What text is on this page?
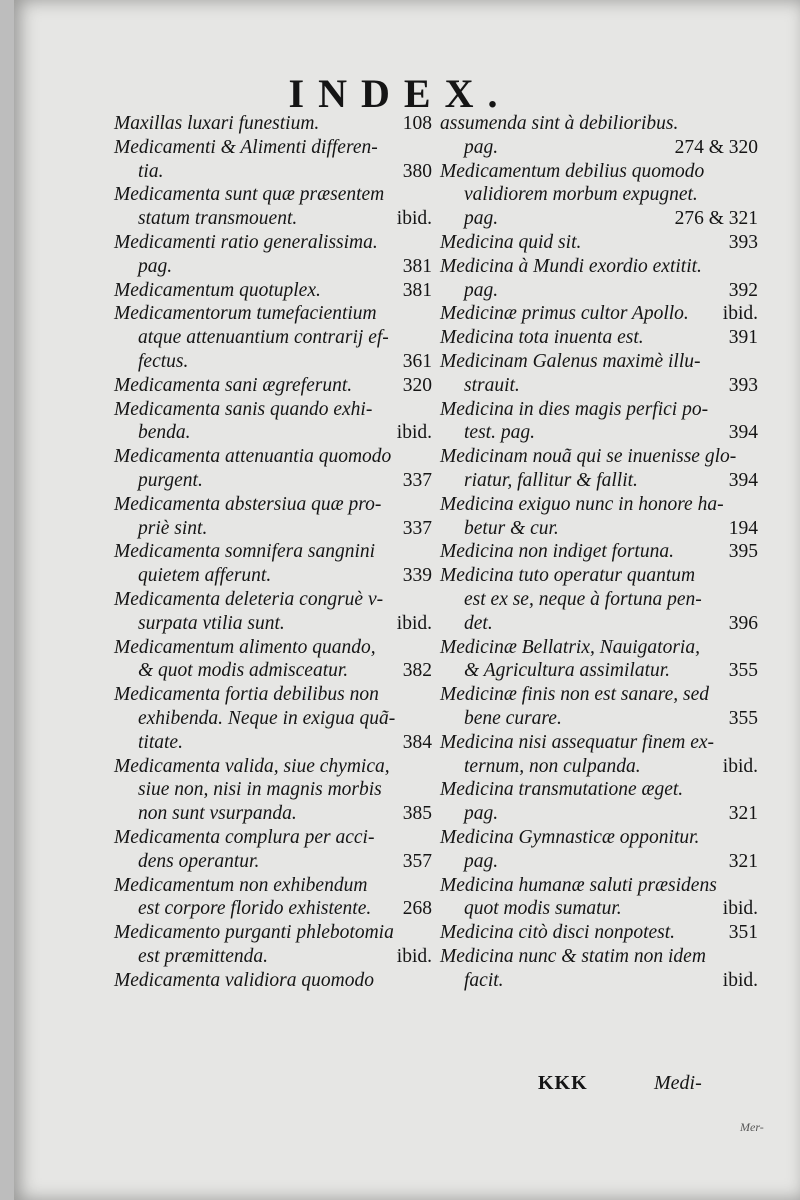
INDEX.
Maxillas luxari funestium.	108
Medicamenti & Alimenti differen-
tia.	380
Medicamenta sunt quæ præsentem
statum transmouent.	ibid.
Medicamenti ratio generalissima.
pag.	381
Medicamentum quotuplex.	381
Medicamentorum tumefacientium
atque attenuantium contrarij ef-
fectus.	361
Medicamenta sani ægreferunt.	320
Medicamenta sanis quando exhi-
benda.	ibid.
Medicamenta attenuantia quomodo
purgent.	337
Medicamenta abstersiua quæ pro-
priè sint.	337
Medicamenta somnifera sangnini
quietem afferunt.	339
Medicamenta deleteria congruè v-
surpata vtilia sunt.	ibid.
Medicamentum alimento quando,
& quot modis admisceatur.	382
Medicamenta fortia debilibus non
exhibenda. Neque in exigua quã-
titate.	384
Medicamenta valida, siue chymica,
siue non, nisi in magnis morbis
non sunt vsurpanda.	385
Medicamenta complura per acci-
dens operantur.	357
Medicamentum non exhibendum
est corpore florido exhistente. 268
Medicamento purganti phlebotomia
est præmittenda.	ibid.
Medicamenta validiora quomodo
assumenda sint à debilioribus.
pag.	274 & 320
Medicamentum debilius quomodo
validiorem morbum expugnet.
pag.	276 & 321
Medicina quid sit.	393
Medicina à Mundi exordio extitit.
pag.	392
Medicinæ primus cultor Apollo. ibid.
Medicina tota inuenta est.	391
Medicinam Galenus maximè illu-
strauit.	393
Medicina in dies magis perfici po-
test. pag.	394
Medicinam nouã qui se inuenisse glo-
riatur, fallitur & fallit.	394
Medicina exiguo nunc in honore ha-
betur & cur.	194
Medicina non indiget fortuna.	395
Medicina tuto operatur quantum
est ex se, neque à fortuna pen-
det.	396
Medicinæ Bellatrix, Nauigatoria,
& Agricultura assimilatur.	355
Medicinæ finis non est sanare, sed
bene curare.	355
Medicina nisi assequatur finem ex-
ternum, non culpanda.	ibid.
Medicina transmutatione æget.
pag.	321
Medicina Gymnasticæ opponitur.
pag.	321
Medicina humanæ saluti præsidens
quot modis sumatur.	ibid.
Medicina citò disci nonpotest.	351
Medicina nunc & statim non idem
facit.	ibid.
KKK	Medi-
Mer-
